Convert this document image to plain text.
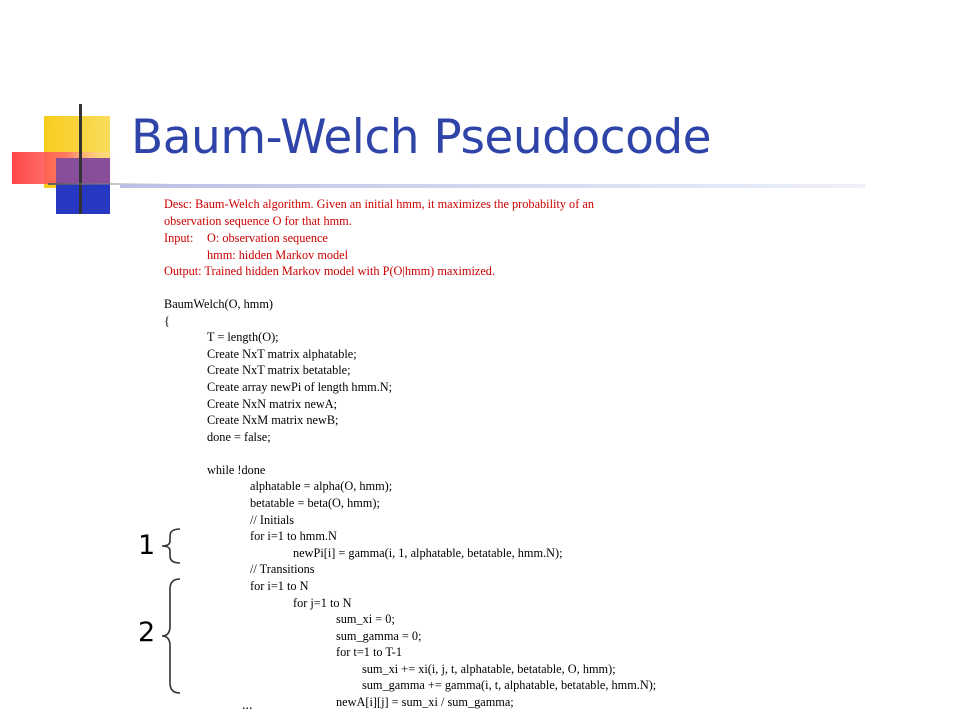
Baum-Welch Pseudocode
Desc: Baum-Welch algorithm. Given an initial hmm, it maximizes the probability of an
observation sequence O for that hmm.
Input: O: observation sequence
hmm: hidden Markov model
Output: Trained hidden Markov model with P(O|hmm) maximized.
BaumWelch(O, hmm)
{
T = length(O);
Create NxT matrix alphatable;
Create NxT matrix betatable;
Create array newPi of length hmm.N;
Create NxN matrix newA;
Create NxM matrix newB;
done = false;
while !done
alphatable = alpha(O, hmm);
betatable = beta(O, hmm);
// Initials
for i=1 to hmm.N
newPi[i] = gamma(i, 1, alphatable, betatable, hmm.N);
// Transitions
for i=1 to N
for j=1 to N
sum_xi = 0;
sum_gamma = 0;
for t=1 to T-1
sum_xi += xi(i, j, t, alphatable, betatable, O, hmm);
sum_gamma += gamma(i, t, alphatable, betatable, hmm.N);
newA[i][j] = sum_xi / sum_gamma;
...
1
2
